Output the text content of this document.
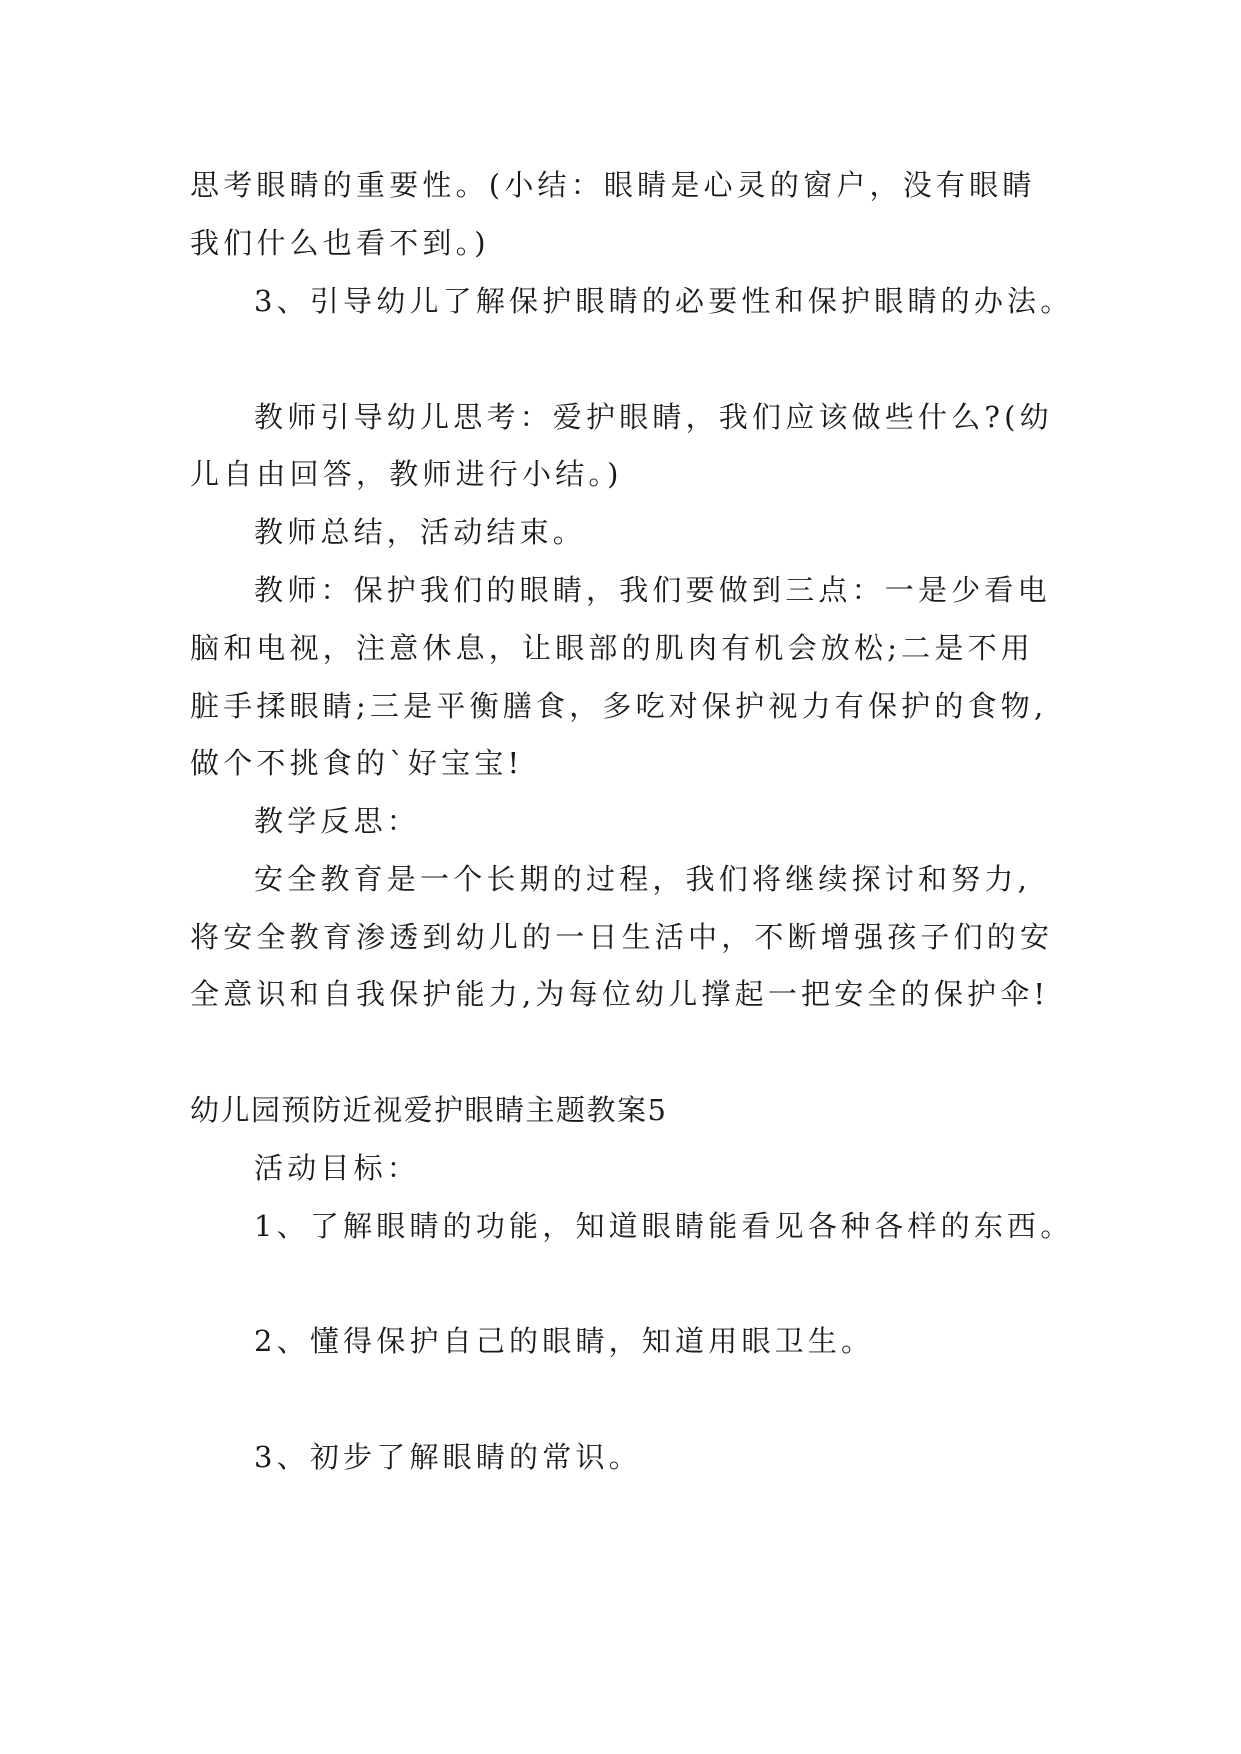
思考眼睛的重要性。(小结：眼睛是心灵的窗户，没有眼睛
我们什么也看不到。)
3、引导幼儿了解保护眼睛的必要性和保护眼睛的办法。
教师引导幼儿思考：爱护眼睛，我们应该做些什么?(幼
儿自由回答，教师进行小结。)
教师总结，活动结束。
教师：保护我们的眼睛，我们要做到三点：一是少看电
脑和电视，注意休息，让眼部的肌肉有机会放松;二是不用
脏手揉眼睛;三是平衡膳食，多吃对保护视力有保护的食物,
做个不挑食的`好宝宝!
教学反思：
安全教育是一个长期的过程，我们将继续探讨和努力,
将安全教育渗透到幼儿的一日生活中，不断增强孩子们的安
全意识和自我保护能力,为每位幼儿撑起一把安全的保护伞!
幼儿园预防近视爱护眼睛主题教案5
活动目标：
1、了解眼睛的功能，知道眼睛能看见各种各样的东西。
2、懂得保护自己的眼睛，知道用眼卫生。
3、初步了解眼睛的常识。
